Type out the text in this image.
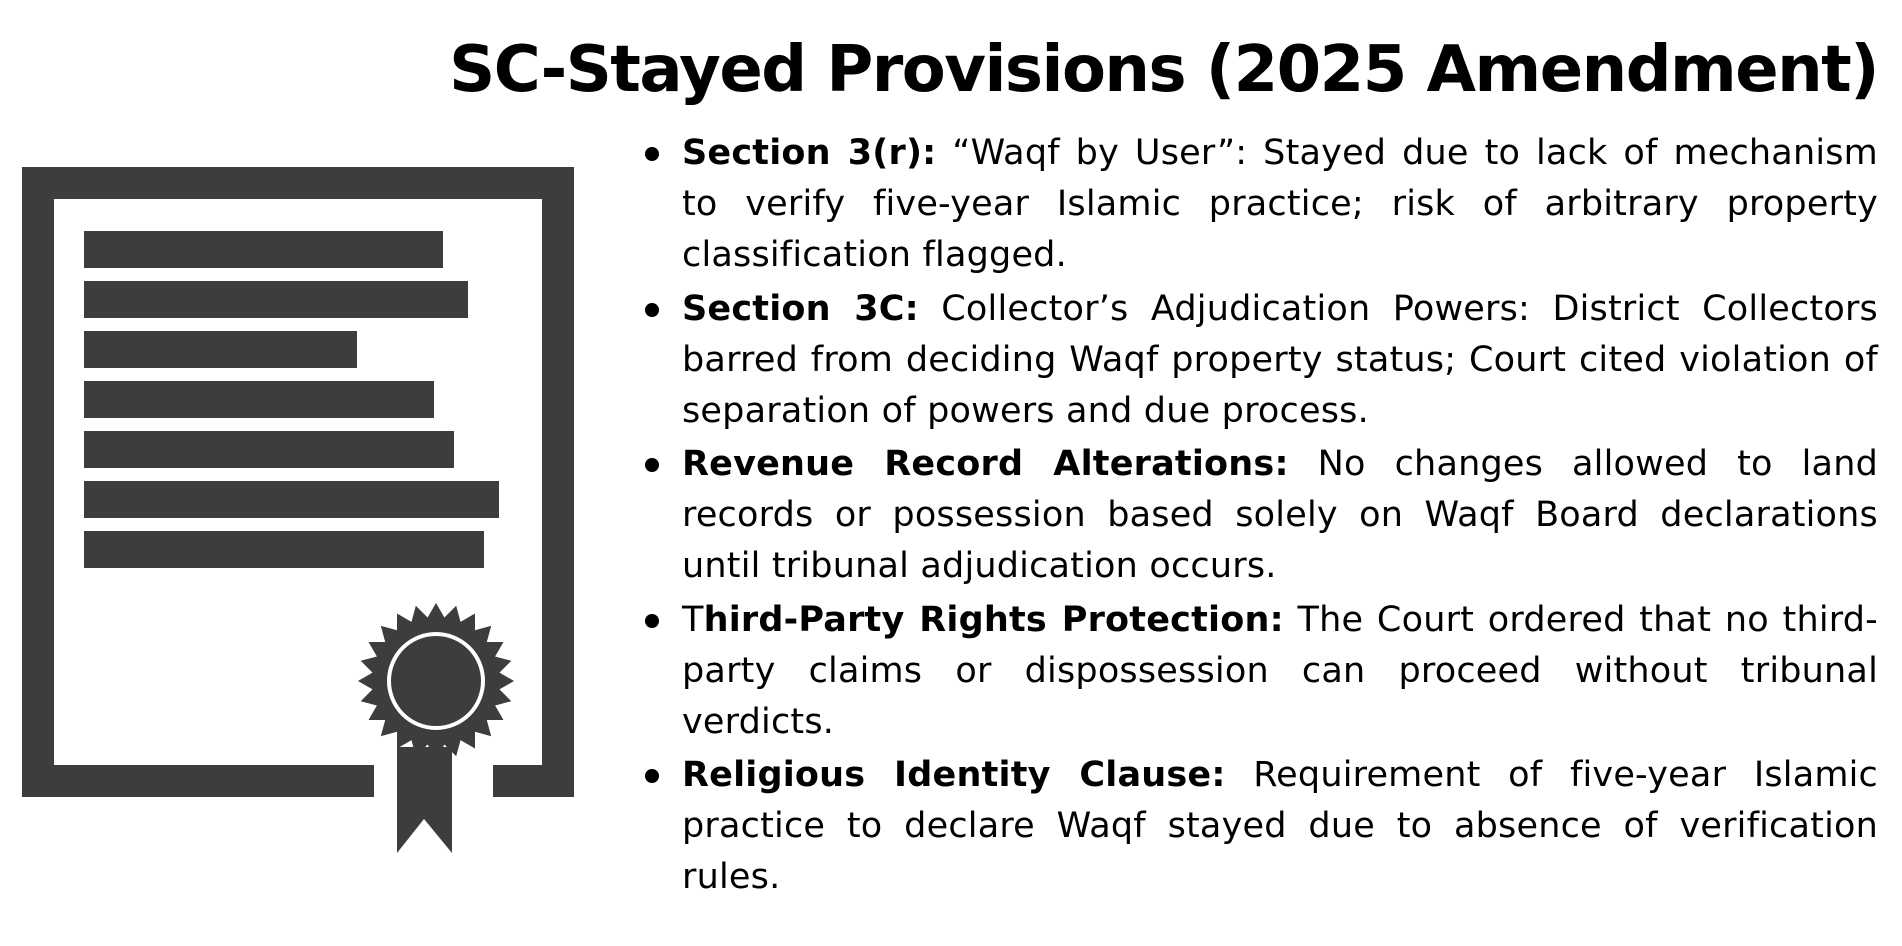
SC-Stayed Provisions (2025 Amendment)
Section 3(r): “Waqf by User”: Stayed due to lack of mechanism to verify five-year Islamic practice; risk of arbitrary property classification flagged.
Section 3C: Collector’s Adjudication Powers: District Collectors barred from deciding Waqf property status; Court cited violation of separation of powers and due process.
Revenue Record Alterations: No changes allowed to land records or possession based solely on Waqf Board declarations until tribunal adjudication occurs.
Third-Party Rights Protection: The Court ordered that no third-party claims or dispossession can proceed without tribunal verdicts.
Religious Identity Clause: Requirement of five-year Islamic practice to declare Waqf stayed due to absence of verification rules.
